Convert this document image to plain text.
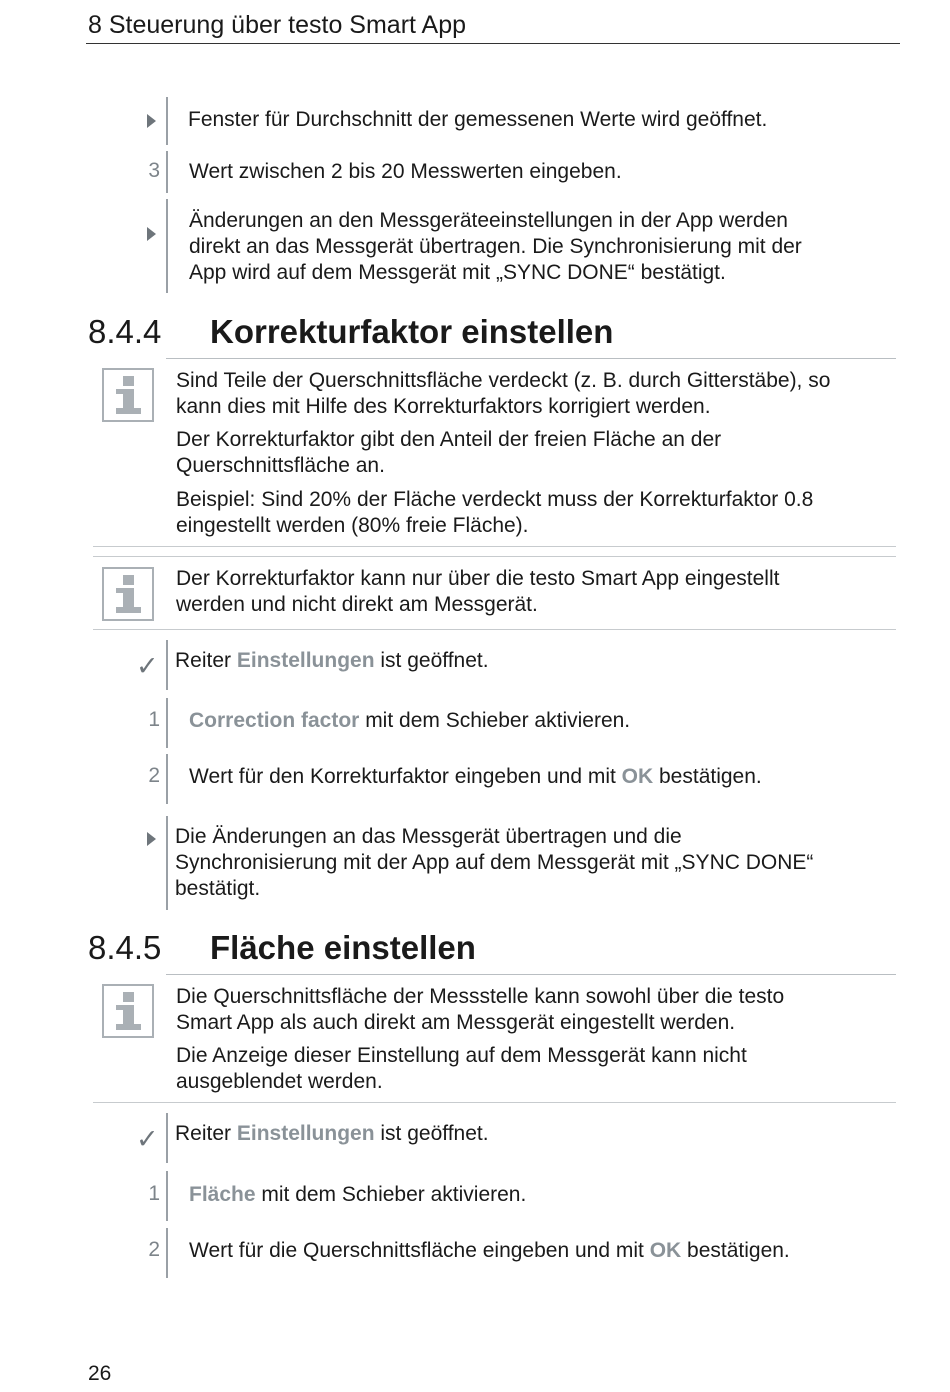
8 Steuerung über testo Smart App
Fenster für Durchschnitt der gemessenen Werte wird geöffnet.
3 Wert zwischen 2 bis 20 Messwerten eingeben.
Änderungen an den Messgeräteeinstellungen in der App werden
direkt an das Messgerät übertragen. Die Synchronisierung mit der
App wird auf dem Messgerät mit „SYNC DONE“ bestätigt.
8.4.4 Korrekturfaktor einstellen
Sind Teile der Querschnittsfläche verdeckt (z. B. durch Gitterstäbe), so
kann dies mit Hilfe des Korrekturfaktors korrigiert werden.
Der Korrekturfaktor gibt den Anteil der freien Fläche an der
Querschnittsfläche an.
Beispiel: Sind 20% der Fläche verdeckt muss der Korrekturfaktor 0.8
eingestellt werden (80% freie Fläche).
Der Korrekturfaktor kann nur über die testo Smart App eingestellt
werden und nicht direkt am Messgerät.
✓ Reiter Einstellungen ist geöffnet.
1 Correction factor mit dem Schieber aktivieren.
2 Wert für den Korrekturfaktor eingeben und mit OK bestätigen.
Die Änderungen an das Messgerät übertragen und die
Synchronisierung mit der App auf dem Messgerät mit „SYNC DONE“
bestätigt.
8.4.5 Fläche einstellen
Die Querschnittsfläche der Messstelle kann sowohl über die testo
Smart App als auch direkt am Messgerät eingestellt werden.
Die Anzeige dieser Einstellung auf dem Messgerät kann nicht
ausgeblendet werden.
✓ Reiter Einstellungen ist geöffnet.
1 Fläche mit dem Schieber aktivieren.
2 Wert für die Querschnittsfläche eingeben und mit OK bestätigen.
26
